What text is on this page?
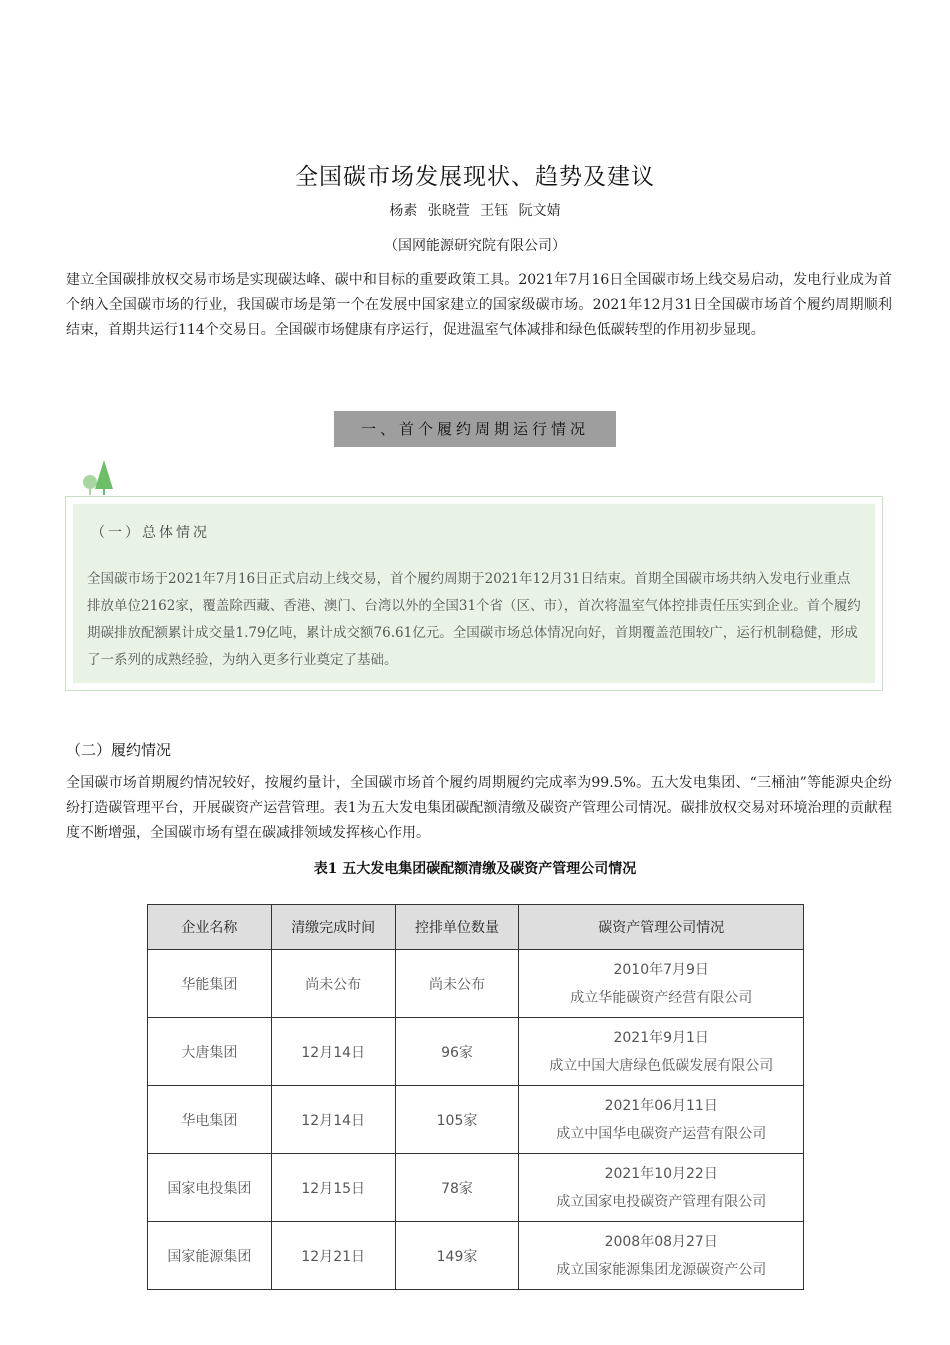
全国碳市场发展现状、趋势及建议
杨素 张晓萱 王钰 阮文婧
（国网能源研究院有限公司）

建立全国碳排放权交易市场是实现碳达峰、碳中和目标的重要政策工具。2021年7月16日全国碳市场上线交易启动，发电行业成为首个纳入全国碳市场的行业，我国碳市场是第一个在发展中国家建立的国家级碳市场。2021年12月31日全国碳市场首个履约周期顺利结束，首期共运行114个交易日。全国碳市场健康有序运行，促进温室气体减排和绿色低碳转型的作用初步显现。

一、首个履约周期运行情况
（一）总体情况

全国碳市场于2021年7月16日正式启动上线交易，首个履约周期于2021年12月31日结束。首期全国碳市场共纳入发电行业重点排放单位2162家，覆盖除西藏、香港、澳门、台湾以外的全国31个省（区、市），首次将温室气体控排责任压实到企业。首个履约期碳排放配额累计成交量1.79亿吨，累计成交额76.61亿元。全国碳市场总体情况向好，首期覆盖范围较广，运行机制稳健，形成了一系列的成熟经验，为纳入更多行业奠定了基础。

（二）履约情况

全国碳市场首期履约情况较好，按履约量计，全国碳市场首个履约周期履约完成率为99.5%。五大发电集团、“三桶油”等能源央企纷纷打造碳管理平台，开展碳资产运营管理。表1为五大发电集团碳配额清缴及碳资产管理公司情况。碳排放权交易对环境治理的贡献程度不断增强，全国碳市场有望在碳减排领域发挥核心作用。

表1 五大发电集团碳配额清缴及碳资产管理公司情况
企业名称	清缴完成时间	控排单位数量	碳资产管理公司情况
华能集团	尚未公布	尚未公布	2010年7月9日
成立华能碳资产经营有限公司

大唐集团	12月14日	96家	2021年9月1日
成立中国大唐绿色低碳发展有限公司

华电集团	12月14日	105家	2021年06月11日
成立中国华电碳资产运营有限公司

国家电投集团	12月15日	78家	2021年10月22日
成立国家电投碳资产管理有限公司

国家能源集团	12月21日	149家	2008年08月27日
成立国家能源集团龙源碳资产公司
